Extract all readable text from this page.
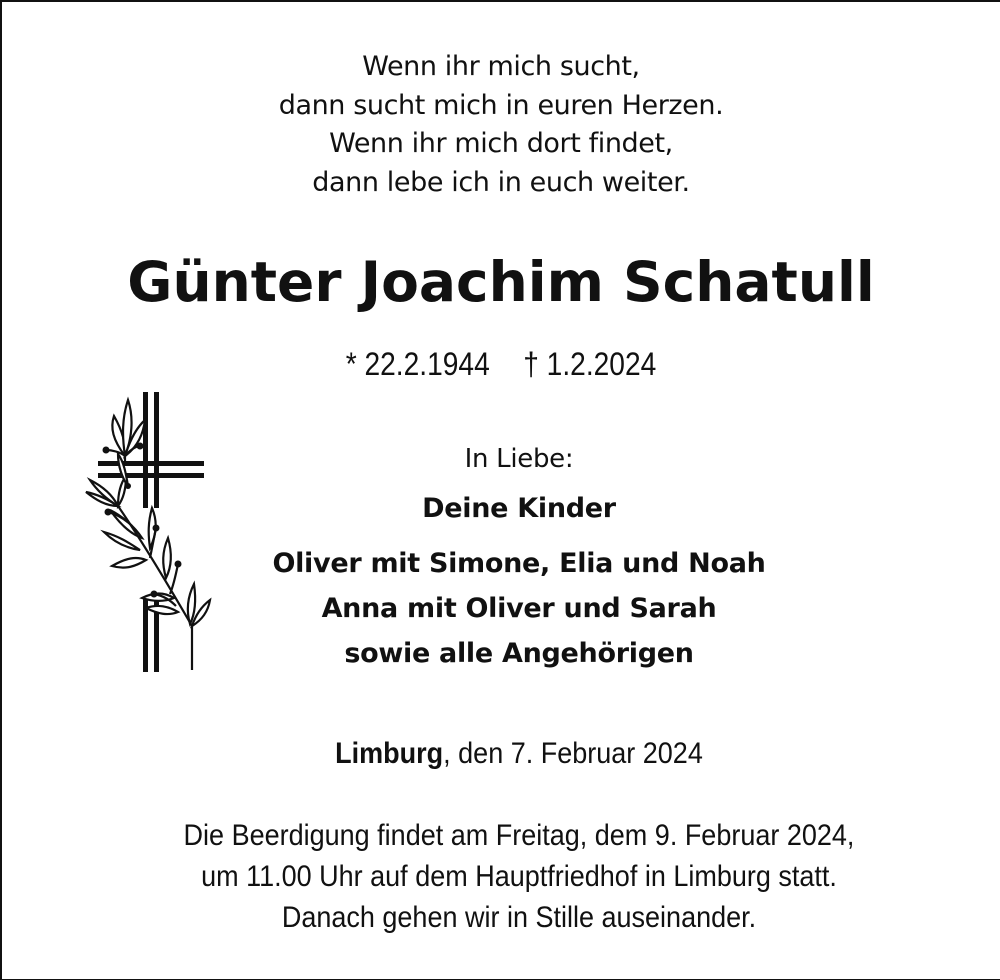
Wenn ihr mich sucht,
dann sucht mich in euren Herzen.
Wenn ihr mich dort findet,
dann lebe ich in euch weiter.
Günter Joachim Schatull
* 22.2.1944 † 1.2.2024
In Liebe:
Deine Kinder
Oliver mit Simone, Elia und Noah
Anna mit Oliver und Sarah
sowie alle Angehörigen
Limburg, den 7. Februar 2024
Die Beerdigung findet am Freitag, dem 9. Februar 2024,
um 11.00 Uhr auf dem Hauptfriedhof in Limburg statt.
Danach gehen wir in Stille auseinander.
